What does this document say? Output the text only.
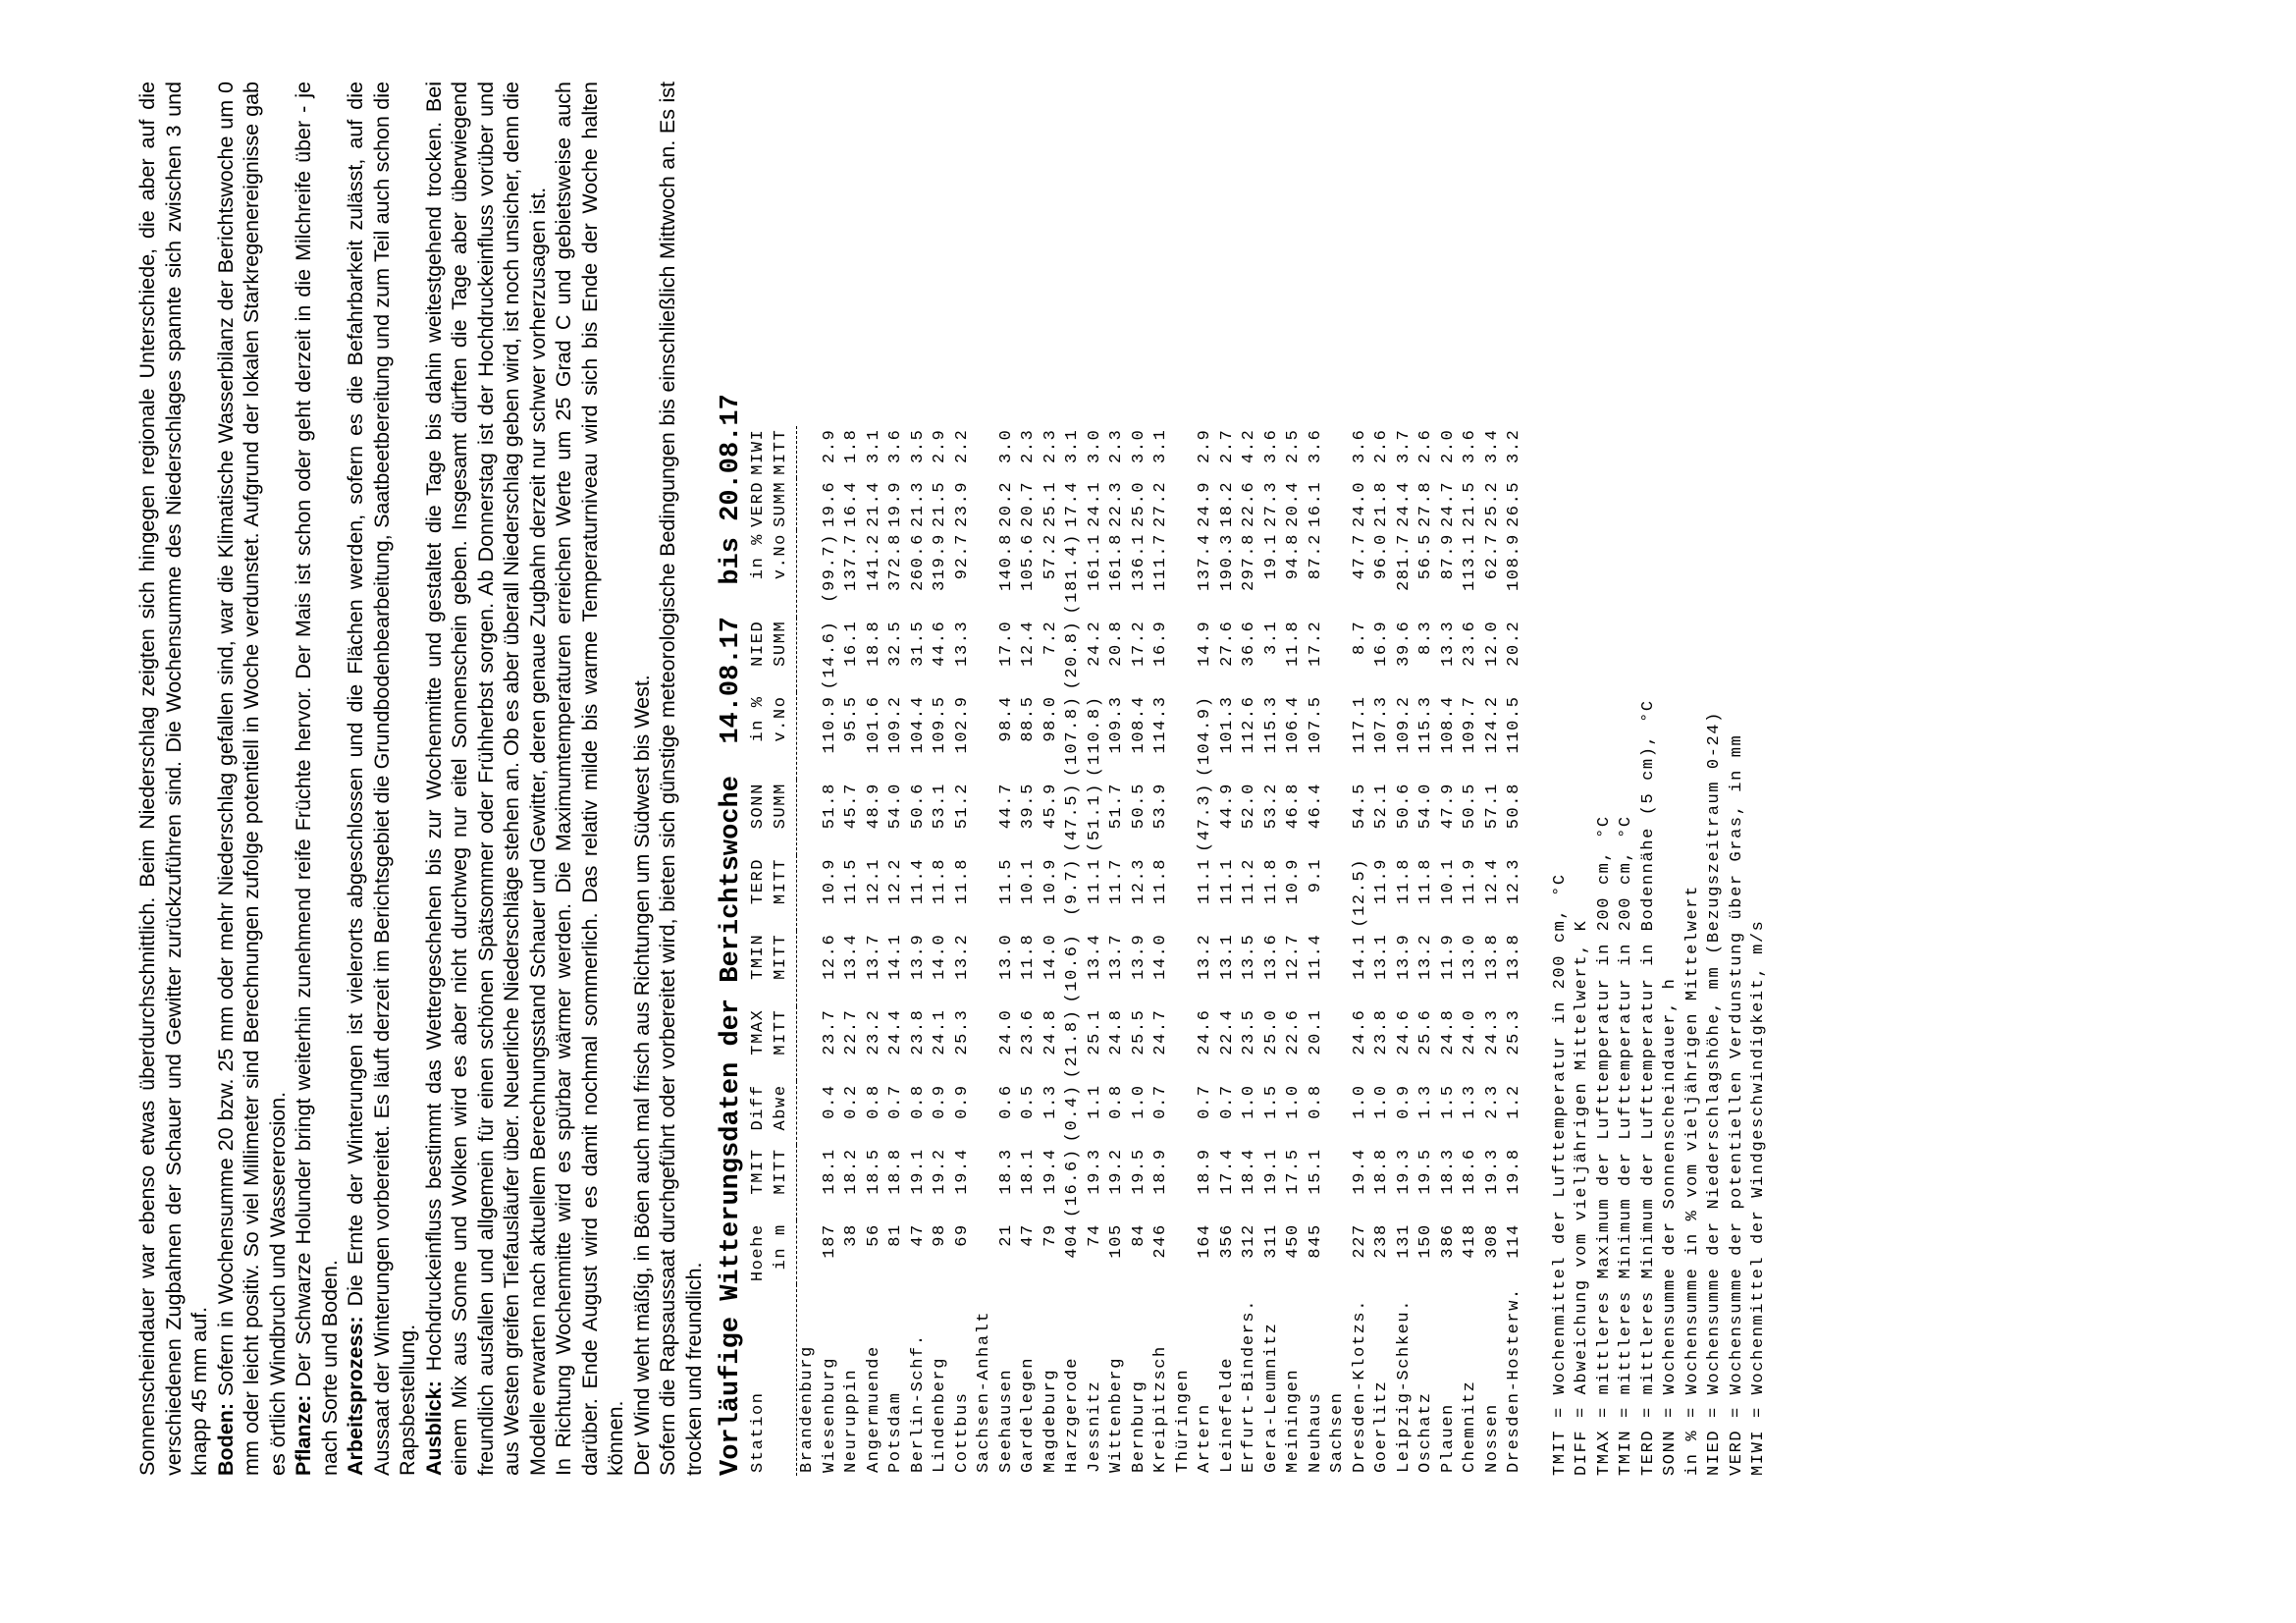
Sonnenscheindauer war ebenso etwas überdurchschnittlich. Beim Niederschlag zeigten sich hingegen regionale Unterschiede, die aber auf die verschiedenen Zugbahnen der Schauer und Gewitter zurückzuführen sind. Die Wochensumme des Niederschlages spannte sich zwischen 3 und knapp 45 mm auf. Boden: Sofern in Wochensumme 20 bzw. 25 mm oder mehr Niederschlag gefallen sind, war die Klimatische Wasserbilanz der Berichtswoche um 0 mm oder leicht positiv. So viel Millimeter sind Berechnungen zufolge potentiell in Woche verdunstet. Aufgrund der lokalen Starkregenereignisse gab es örtlich Windbruch und Wassererosion. Pflanze: Der Schwarze Holunder bringt weiterhin zunehmend reife Früchte hervor. Der Mais ist schon oder geht derzeit in die Milchreife über - je nach Sorte und Boden. Arbeitsprozess: Die Ernte der Winterungen ist vielerorts abgeschlossen und die Flächen werden, sofern es die Befahrbarkeit zulässt, auf die Aussaat der Winterungen vorbereitet. Es läuft derzeit im Berichtsgebiet die Grundbodenbearbeitung, Saatbeetbereitung und zum Teil auch schon die Rapsbestellung. Ausblick: Hochdruckeinfluss bestimmt das Wettergeschehen bis zur Wochenmitte und gestaltet die Tage bis dahin weitestgehend trocken. Bei einem Mix aus Sonne und Wolken wird es aber nicht durchweg nur eitel Sonnenschein geben. Insgesamt dürften die Tage aber überwiegend freundlich ausfallen und allgemein für einen schönen Spätsommer oder Frühherbst sorgen. Ab Donnerstag ist der Hochdruckeinfluss vorüber und aus Westen greifen Tiefausläufer über. Neuerliche Niederschläge stehen an. Ob es aber überall Niederschlag geben wird, ist noch unsicher, denn die Modelle erwarten nach aktuellem Berechnungsstand Schauer und Gewitter, deren genaue Zugbahn derzeit nur schwer vorherzusagen ist. In Richtung Wochenmitte wird es spürbar wärmer werden. Die Maximumtemperaturen erreichen Werte um 25 Grad C und gebietsweise auch darüber. Ende August wird es damit nochmal sommerlich. Das relativ milde bis warme Temperaturniveau wird sich bis Ende der Woche halten können. Der Wind weht mäßig, in Böen auch mal frisch aus Richtungen um Südwest bis West. Sofern die Rapsaussaat durchgeführt oder vorbereitet wird, bieten sich günstige meteorologische Bedingungen bis einschließlich Mittwoch an. Es ist trocken und freundlich. Vorläufige Witterungsdaten der Berichtswoche  14.08.17  bis 20.08.17 Station	Hoehe	TMIT	Diff	TMAX	TMIN	TERD	SONN	in %	NIED	in %	VERD	MIWI
	in m	MITT	Abwe	MITT	MITT	MITT	SUMM	v.No	SUMM	v.No	SUMM	MITT

Brandenburg												
Wiesenburg	187	18.1	0.4	23.7	12.6	10.9	51.8	110.9	(14.6)	(99.7)	19.6	2.9
Neuruppin	38	18.2	0.2	22.7	13.4	11.5	45.7	95.5	16.1	137.7	16.4	1.8
Angermuende	56	18.5	0.8	23.2	13.7	12.1	48.9	101.6	18.8	141.2	21.4	3.1
Potsdam	81	18.8	0.7	24.4	14.1	12.2	54.0	109.2	32.5	372.8	19.9	3.6
Berlin-Schf.	47	19.1	0.8	23.8	13.9	11.4	50.6	104.4	31.5	260.6	21.3	3.5
Lindenberg	98	19.2	0.9	24.1	14.0	11.8	53.1	109.5	44.6	319.9	21.5	2.9
Cottbus	69	19.4	0.9	25.3	13.2	11.8	51.2	102.9	13.3	92.7	23.9	2.2
Sachsen-Anhalt												
Seehausen	21	18.3	0.6	24.0	13.0	11.5	44.7	98.4	17.0	140.8	20.2	3.0
Gardelegen	47	18.1	0.5	23.6	11.8	10.1	39.5	88.5	12.4	105.6	20.7	2.3
Magdeburg	79	19.4	1.3	24.8	14.0	10.9	45.9	98.0	7.2	57.2	25.1	2.3
Harzgerode	404	(16.6)	(0.4)	(21.8)	(10.6)	(9.7)	(47.5)	(107.8)	(20.8)	(181.4)	17.4	3.1
Jessnitz	74	19.3	1.1	25.1	13.4	11.1	(51.1)	(110.8)	24.2	161.1	24.1	3.0
Wittenberg	105	19.2	0.8	24.8	13.7	11.7	51.7	109.3	20.8	161.8	22.3	2.3
Bernburg	84	19.5	1.0	25.5	13.9	12.3	50.5	108.4	17.2	136.1	25.0	3.0
Kreipitzsch	246	18.9	0.7	24.7	14.0	11.8	53.9	114.3	16.9	111.7	27.2	3.1
Thüringen												
Artern	164	18.9	0.7	24.6	13.2	11.1	(47.3)	(104.9)	14.9	137.4	24.9	2.9
Leinefelde	356	17.4	0.7	22.4	13.1	11.1	44.9	101.3	27.6	190.3	18.2	2.7
Erfurt-Binders.	312	18.4	1.0	23.5	13.5	11.2	52.0	112.6	36.6	297.8	22.6	4.2
Gera-Leumnitz	311	19.1	1.5	25.0	13.6	11.8	53.2	115.3	3.1	19.1	27.3	3.6
Meiningen	450	17.5	1.0	22.6	12.7	10.9	46.8	106.4	11.8	94.8	20.4	2.5
Neuhaus	845	15.1	0.8	20.1	11.4	9.1	46.4	107.5	17.2	87.2	16.1	3.6
Sachsen												
Dresden-Klotzs.	227	19.4	1.0	24.6	14.1	(12.5)	54.5	117.1	8.7	47.7	24.0	3.6
Goerlitz	238	18.8	1.0	23.8	13.1	11.9	52.1	107.3	16.9	96.0	21.8	2.6
Leipzig-Schkeu.	131	19.3	0.9	24.6	13.9	11.8	50.6	109.2	39.6	281.7	24.4	3.7
Oschatz	150	19.5	1.3	25.6	13.2	11.8	54.0	115.3	8.3	56.5	27.8	2.6
Plauen	386	18.3	1.5	24.8	11.9	10.1	47.9	108.4	13.3	87.9	24.7	2.0
Chemnitz	418	18.6	1.3	24.0	13.0	11.9	50.5	109.7	23.6	113.1	21.5	3.6
Nossen	308	19.3	2.3	24.3	13.8	12.4	57.1	124.2	12.0	62.7	25.2	3.4
Dresden-Hosterw.	114	19.8	1.2	25.3	13.8	12.3	50.8	110.5	20.2	108.9	26.5	3.2
TMIT = Wochenmittel der Lufttemperatur in 200 cm, °C DIFF = Abweichung vom vieljährigen Mittelwert, K TMAX = mittleres Maximum der Lufttemperatur in 200 cm, °C TMIN = mittleres Minimum der Lufttemperatur in 200 cm, °C TERD = mittleres Minimum der Lufttemperatur in Bodennähe (5 cm), °C SONN = Wochensumme der Sonnenscheindauer, h in % = Wochensumme in % vom vieljährigen Mittelwert NIED = Wochensumme der Niederschlagshöhe, mm (Bezugszeitraum 0-24) VERD = Wochensumme der potentiellen Verdunstung über Gras, in mm MIWI = Wochenmittel der Windgeschwindigkeit, m/s
